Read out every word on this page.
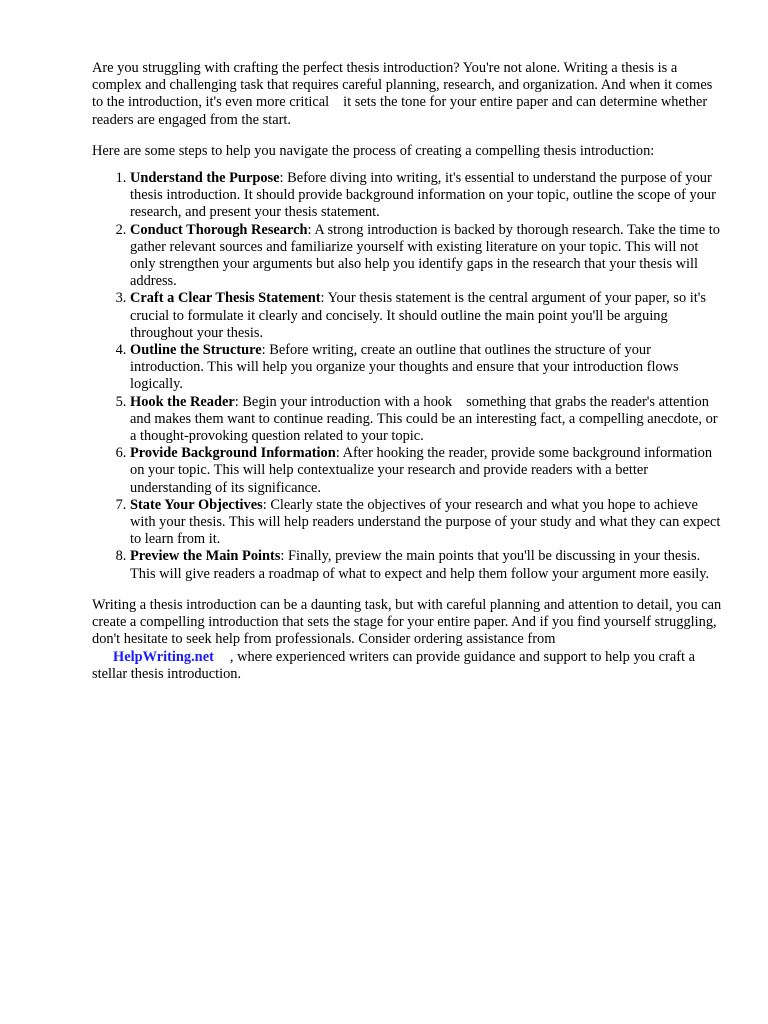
Are you struggling with crafting the perfect thesis introduction? You're not alone. Writing a thesis is a complex and challenging task that requires careful planning, research, and organization. And when it comes to the introduction, it's even more critical it sets the tone for your entire paper and can determine whether readers are engaged from the start.

Here are some steps to help you navigate the process of creating a compelling thesis introduction:

1. Understand the Purpose: Before diving into writing, it's essential to understand the purpose of your thesis introduction. It should provide background information on your topic, outline the scope of your research, and present your thesis statement.
2. Conduct Thorough Research: A strong introduction is backed by thorough research. Take the time to gather relevant sources and familiarize yourself with existing literature on your topic. This will not only strengthen your arguments but also help you identify gaps in the research that your thesis will address.
3. Craft a Clear Thesis Statement: Your thesis statement is the central argument of your paper, so it's crucial to formulate it clearly and concisely. It should outline the main point you'll be arguing throughout your thesis.
4. Outline the Structure: Before writing, create an outline that outlines the structure of your introduction. This will help you organize your thoughts and ensure that your introduction flows logically.
5. Hook the Reader: Begin your introduction with a hook something that grabs the reader's attention and makes them want to continue reading. This could be an interesting fact, a compelling anecdote, or a thought-provoking question related to your topic.
6. Provide Background Information: After hooking the reader, provide some background information on your topic. This will help contextualize your research and provide readers with a better understanding of its significance.
7. State Your Objectives: Clearly state the objectives of your research and what you hope to achieve with your thesis. This will help readers understand the purpose of your study and what they can expect to learn from it.
8. Preview the Main Points: Finally, preview the main points that you'll be discussing in your thesis. This will give readers a roadmap of what to expect and help them follow your argument more easily.

Writing a thesis introduction can be a daunting task, but with careful planning and attention to detail, you can create a compelling introduction that sets the stage for your entire paper. And if you find yourself struggling, don't hesitate to seek help from professionals. Consider ordering assistance from
HelpWriting.net , where experienced writers can provide guidance and support to help you craft a stellar thesis introduction.
